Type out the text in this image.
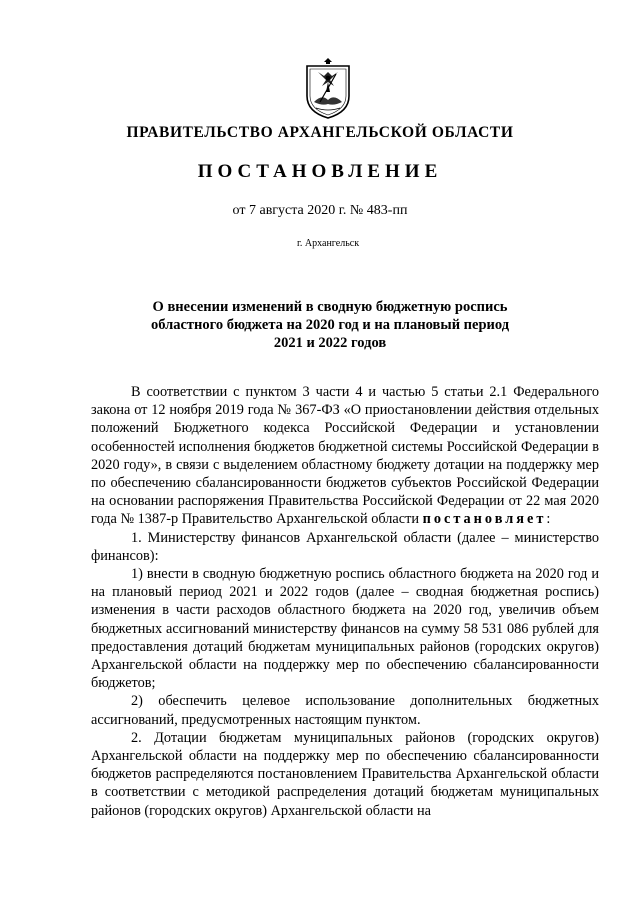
ПРАВИТЕЛЬСТВО АРХАНГЕЛЬСКОЙ ОБЛАСТИ
ПОСТАНОВЛЕНИЕ
от 7 августа 2020 г. № 483-пп
г. Архангельск
О внесении изменений в сводную бюджетную роспись
областного бюджета на 2020 год и на плановый период
2021 и 2022 годов

В соответствии с пунктом 3 части 4 и частью 5 статьи 2.1 Федерального закона от 12 ноября 2019 года № 367-ФЗ «О приостановлении действия отдельных положений Бюджетного кодекса Российской Федерации и установлении особенностей исполнения бюджетов бюджетной системы Российской Федерации в 2020 году», в связи с выделением областному бюджету дотации на поддержку мер по обеспечению сбалансированности бюджетов субъектов Российской Федерации на основании распоряжения Правительства Российской Федерации от 22 мая 2020 года № 1387-р Правительство Архангельской области постановляет:

1. Министерству финансов Архангельской области (далее – министерство финансов):

1) внести в сводную бюджетную роспись областного бюджета на 2020 год и на плановый период 2021 и 2022 годов (далее – сводная бюджетная роспись) изменения в части расходов областного бюджета на 2020 год, увеличив объем бюджетных ассигнований министерству финансов на сумму 58 531 086 рублей для предоставления дотаций бюджетам муниципальных районов (городских округов) Архангельской области на поддержку мер по обеспечению сбалансированности бюджетов;

2) обеспечить целевое использование дополнительных бюджетных ассигнований, предусмотренных настоящим пунктом.

2. Дотации бюджетам муниципальных районов (городских округов) Архангельской области на поддержку мер по обеспечению сбалансированности бюджетов распределяются постановлением Правительства Архангельской области в соответствии с методикой распределения дотаций бюджетам муниципальных районов (городских округов) Архангельской области на
